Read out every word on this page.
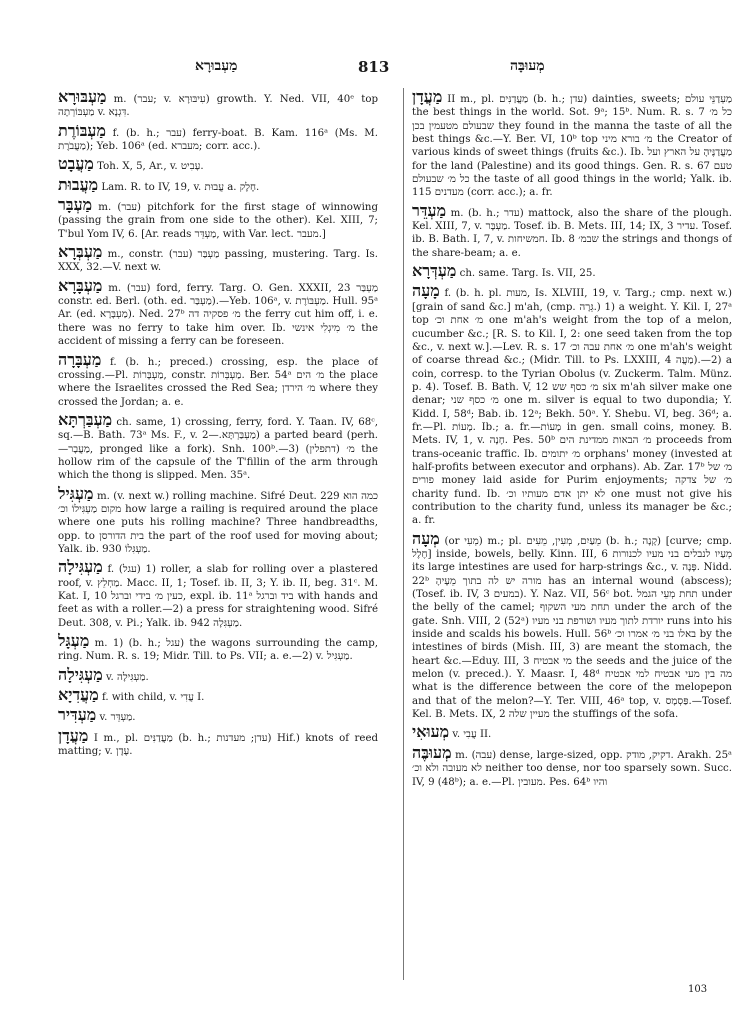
מַעְבוּרָא	813	מְעוּבָּה

מַעְבּוּרָא m. (עבר; v. עִיבּוּרָא) growth. Y. Ned. VII, 40ᵉ top מַעְבּוֹרְתָה v. דִּגְנָא.

מַעְבּוֹרֶת f. (b. h.; עבר) ferry-boat. B. Kam. 116ᵃ (Ms. M. מַעֲבֹרֶת); Yeb. 106ᵃ (ed. מעברא; corr. acc.).

מַעֲבָט Toh. X, 5, Ar., v. עָבִיט.

מַעֲבוּת Lam. R. to IV, 19, v. עֲבוּת a. חֶלֶק.

מַעְבָּר m. (עבר) pitchfork for the first stage of winnowing (passing the grain from one side to the other). Kel. XIII, 7; T'bul Yom IV, 6. [Ar. reads מַעְדֵּר, with Var. lect. מעבר.]

מַעְבְּרָא m., constr. מַעְבַּר (עבר) passing, mustering. Targ. Is. XXX, 32.—V. next w.

מַעְבָּרָא m. (עבר) ford, ferry. Targ. O. Gen. XXXII, 23 מַעְבַּר constr. ed. Berl. (oth. ed. מַעְבַּר).—Yeb. 106ᵃ, v. מַעְבּוֹרֶת. Hull. 95ᵃ Ar. (ed. מַעְבָּרָא). Ned. 27ᵇ מ׳ פסקיה דה the ferry cut him off, i. e. there was no ferry to take him over. Ib. מ׳ מִיגְלִי אינשי the accident of missing a ferry can be foreseen.

מַעְבָּרָה f. (b. h.; preced.) crossing, esp. the place of crossing.—Pl. מַעְבָּרוֹת, constr. מַעְבְּרוֹת. Ber. 54ᵃ מ׳ הים the place where the Israelites crossed the Red Sea; מ׳ הירדן where they crossed the Jordan; a. e.

מַעְבַּרְתָּא ch. same, 1) crossing, ferry, ford. Y. Taan. IV, 68ᶜ, sq.—B. Bath. 73ᵃ Ms. F., v. מַעְבַּרְתָּא.—2) a parted beard (perh.—מַעֲבָר, pronged like a fork). Snh. 100ᵇ.—3) (דתפלין) מ׳ the hollow rim of the capsule of the T'fillin of the arm through which the thong is slipped. Men. 35ᵃ.

מַעְגִּיל m. (v. next w.) rolling machine. Sifré Deut. 229 כמה הוא מקום מַעְגִּילוֹ וכ׳ how large a railing is required around the place where one puts his rolling machine? Three handbreadths, opp. to בית הדורסן the part of the roof used for moving about; Yalk. ib. 930 מַעְגִּלוֹ.

מַעְגִּילָה f. (עגל) 1) roller, a slab for rolling over a plastered roof, v. מַחְלֵץ. Macc. II, 1; Tosef. ib. II, 3; Y. ib. II, beg. 31ᶜ. M. Kat. I, 10 כעין מ׳ בידי וברגל, expl. ib. 11ᵃ ביד וברגל with hands and feet as with a roller.—2) a press for straightening wood. Sifré Deut. 308, v. Pi.; Yalk. ib. 942 מַעְגִּלָה.

מַעְגָּל m. 1) (b. h.; עגל) the wagons surrounding the camp, ring. Num. R. s. 19; Midr. Till. to Ps. VII; a. e.—2) v. מַעְגִּיל.

מַעְגִּילָה v. מַעְגִּילָה.

מַעֲדִיָא f. with child, v. עֲדִי I.

מַעְדִּיר v. מַעְדֵּר.

מַעֲדָן I m., pl. מַעֲדַנִּים (b. h.; עדן; מעדנות) Hif.) knots of reed matting; v. עֶדֶן.

מַעֲדָן II m., pl. מַעֲדַנִּים (b. h.; עדן) dainties, sweets; מַעְדַנֵּי עולם the best things in the world. Sot. 9ᵃ; 15ᵇ. Num. R. s. 7 כל מ׳ שבעולם מטעמין בכן they found in the manna the taste of all the best things &c.—Y. Ber. VI, 10ᵇ top מ׳ בורא מיני the Creator of various kinds of sweet things (fruits &c.). Ib. מַעֲדַנֶּיהָ על הארץ ועל for the land (Palestine) and its good things. Gen. R. s. 67 טעם כל מ׳ שבעולם the taste of all good things in the world; Yalk. ib. 115 מעדנים (corr. acc.); a. fr.

מַעְדֵּר m. (b. h.; עדר) mattock, also the share of the plough. Kel. XIII, 7, v. מַעְבָּר. Tosef. ib. B. Mets. III, 14; IX, 3 עדיר. Tosef. ib. B. Bath. I, 7, v. חמשיחות. Ib. 8 שבמ׳ the strings and thongs of the share-beam; a. e.

מַעְדְּרָא ch. same. Targ. Is. VII, 25.

מָעָה f. (b. h. pl. מעות, Is. XLVIII, 19, v. Targ.; cmp. next w.) [grain of sand &c.] m'ah, (cmp. גֵּרָה.) 1) a weight. Y. Kil. I, 27ᵃ top מ׳ אחת וכ׳ one m'ah's weight from the top of a melon, cucumber &c.; [R. S. to Kil. I, 2: one seed taken from the top &c., v. next w.].—Lev. R. s. 17 מ׳ אחת עבה וכ׳ one m'ah's weight of coarse thread &c.; (Midr. Till. to Ps. LXXIII, 4 מַעֲה).—2) a coin, corresp. to the Tyrian Obolus (v. Zuckerm. Talm. Münz. p. 4). Tosef. B. Bath. V, 12 מ׳ כסף שש six m'ah silver make one denar; מ׳ כסף שני one m. silver is equal to two dupondia; Y. Kidd. I, 58ᵈ; Bab. ib. 12ᵃ; Bekh. 50ᵃ. Y. Shebu. VI, beg. 36ᵈ; a. fr.—Pl. מָעוֹת. Ib.; a. fr.—מָעוֹת in gen. small coins, money. B. Mets. IV, 1, v. חָנָה. Pes. 50ᵇ מ׳ הבאות ממדינת הים proceeds from trans-oceanic traffic. Ib. מ׳ יתומים orphans' money (invested at half-profits between executor and orphans). Ab. Zar. 17ᵇ מ׳ של פורים money laid aside for Purim enjoyments; מ׳ של צדקה charity fund. Ib. לא יתן אדם מעותיו וכ׳ one must not give his contribution to the charity fund, unless its manager be &c.; a. fr.

מְעָה (or מְעִי) m.; pl. מֵעַיִם, מְעִין, מֵעִים (b. h.; קָנָה) [curve; cmp. חֶלֶל] inside, bowels, belly. Kinn. III, 6 מְעַיו לנבלים בני מעיו לכנורות its large intestines are used for harp-strings &c., v. פָּנָה. Nidd. 22ᵇ מורה יש לה בתוך מֵעֶיהָ has an internal wound (abscess); (Tosef. ib. IV, 3 במעים). Y. Naz. VII, 56ᶜ bot. תחת מְעֵי הגמל under the belly of the camel; תחת מעי השקוף under the arch of the gate. Snh. VIII, 2 (52ᵃ) יורדת לתוך מעיו ושורפת בני מעיו runs into his inside and scalds his bowels. Hull. 56ᵇ באלו בני מ׳ אמרו וכ׳ by the intestines of birds (Mish. III, 3) are meant the stomach, the heart &c.—Eduy. III, 3 מי אבטיח the seeds and the juice of the melon (v. preced.). Y. Maasr. I, 48ᵈ מה בין מעי אבטיח למי אבטיח what is the difference between the core of the melopepon and that of the melon?—Y. Ter. VIII, 46ᵃ top, v. פַּסְמָס.—Tosef. Kel. B. Mets. IX, 2 מעיין שלה the stuffings of the sofa.

מְעוּאִי v. עֲבִי II.

מְעוּבֶּה m. (עבה) dense, large-sized, opp. דקיק, מודק. Arakh. 25ᵃ לא מעובה ולא וכ׳ neither too dense, nor too sparsely sown. Succ. IV, 9 (48ᵇ); a. e.—Pl. מעובין. Pes. 64ᵇ והיו

103
